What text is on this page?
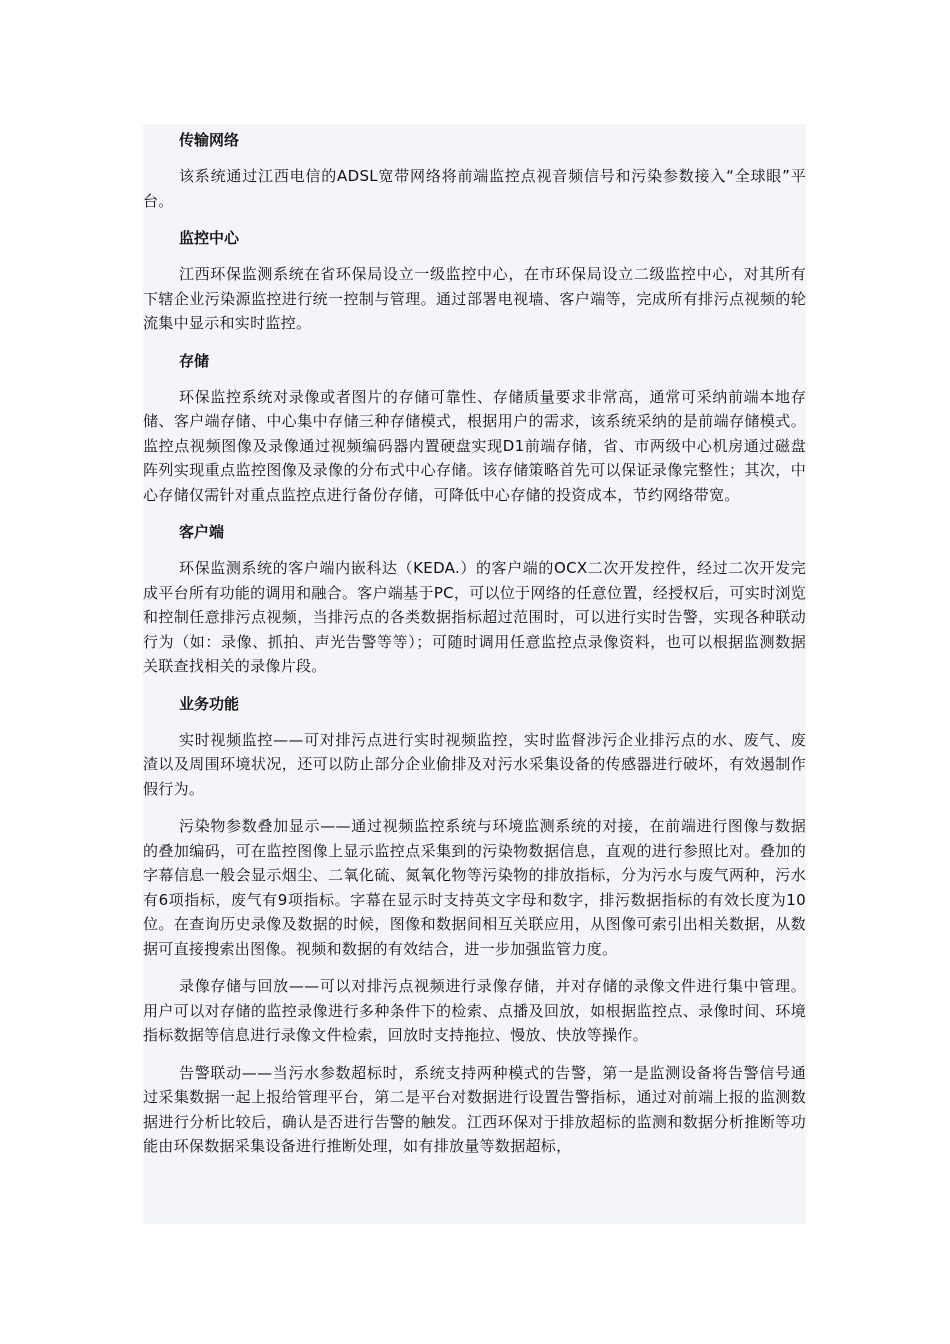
传输网络

该系统通过江西电信的ADSL宽带网络将前端监控点视音频信号和污染参数接入“全球眼”平台。

监控中心

江西环保监测系统在省环保局设立一级监控中心，在市环保局设立二级监控中心，对其所有下辖企业污染源监控进行统一控制与管理。通过部署电视墙、客户端等，完成所有排污点视频的轮流集中显示和实时监控。

存储

环保监控系统对录像或者图片的存储可靠性、存储质量要求非常高，通常可采纳前端本地存储、客户端存储、中心集中存储三种存储模式，根据用户的需求，该系统采纳的是前端存储模式。监控点视频图像及录像通过视频编码器内置硬盘实现D1前端存储，省、市两级中心机房通过磁盘阵列实现重点监控图像及录像的分布式中心存储。该存储策略首先可以保证录像完整性；其次，中心存储仅需针对重点监控点进行备份存储，可降低中心存储的投资成本，节约网络带宽。

客户端

环保监测系统的客户端内嵌科达（KEDA.）的客户端的OCX二次开发控件，经过二次开发完成平台所有功能的调用和融合。客户端基于PC，可以位于网络的任意位置，经授权后，可实时浏览和控制任意排污点视频，当排污点的各类数据指标超过范围时，可以进行实时告警，实现各种联动行为（如：录像、抓拍、声光告警等等）；可随时调用任意监控点录像资料，也可以根据监测数据关联查找相关的录像片段。

业务功能

实时视频监控——可对排污点进行实时视频监控，实时监督涉污企业排污点的水、废气、废渣以及周围环境状况，还可以防止部分企业偷排及对污水采集设备的传感器进行破坏，有效遏制作假行为。

污染物参数叠加显示——通过视频监控系统与环境监测系统的对接，在前端进行图像与数据的叠加编码，可在监控图像上显示监控点采集到的污染物数据信息，直观的进行参照比对。叠加的字幕信息一般会显示烟尘、二氧化硫、氮氧化物等污染物的排放指标，分为污水与废气两种，污水有6项指标，废气有9项指标。字幕在显示时支持英文字母和数字，排污数据指标的有效长度为10位。在查询历史录像及数据的时候，图像和数据间相互关联应用，从图像可索引出相关数据，从数据可直接搜索出图像。视频和数据的有效结合，进一步加强监管力度。

录像存储与回放——可以对排污点视频进行录像存储，并对存储的录像文件进行集中管理。用户可以对存储的监控录像进行多种条件下的检索、点播及回放，如根据监控点、录像时间、环境指标数据等信息进行录像文件检索，回放时支持拖拉、慢放、快放等操作。

告警联动——当污水参数超标时，系统支持两种模式的告警，第一是监测设备将告警信号通过采集数据一起上报给管理平台，第二是平台对数据进行设置告警指标，通过对前端上报的监测数据进行分析比较后，确认是否进行告警的触发。江西环保对于排放超标的监测和数据分析推断等功能由环保数据采集设备进行推断处理，如有排放量等数据超标，
